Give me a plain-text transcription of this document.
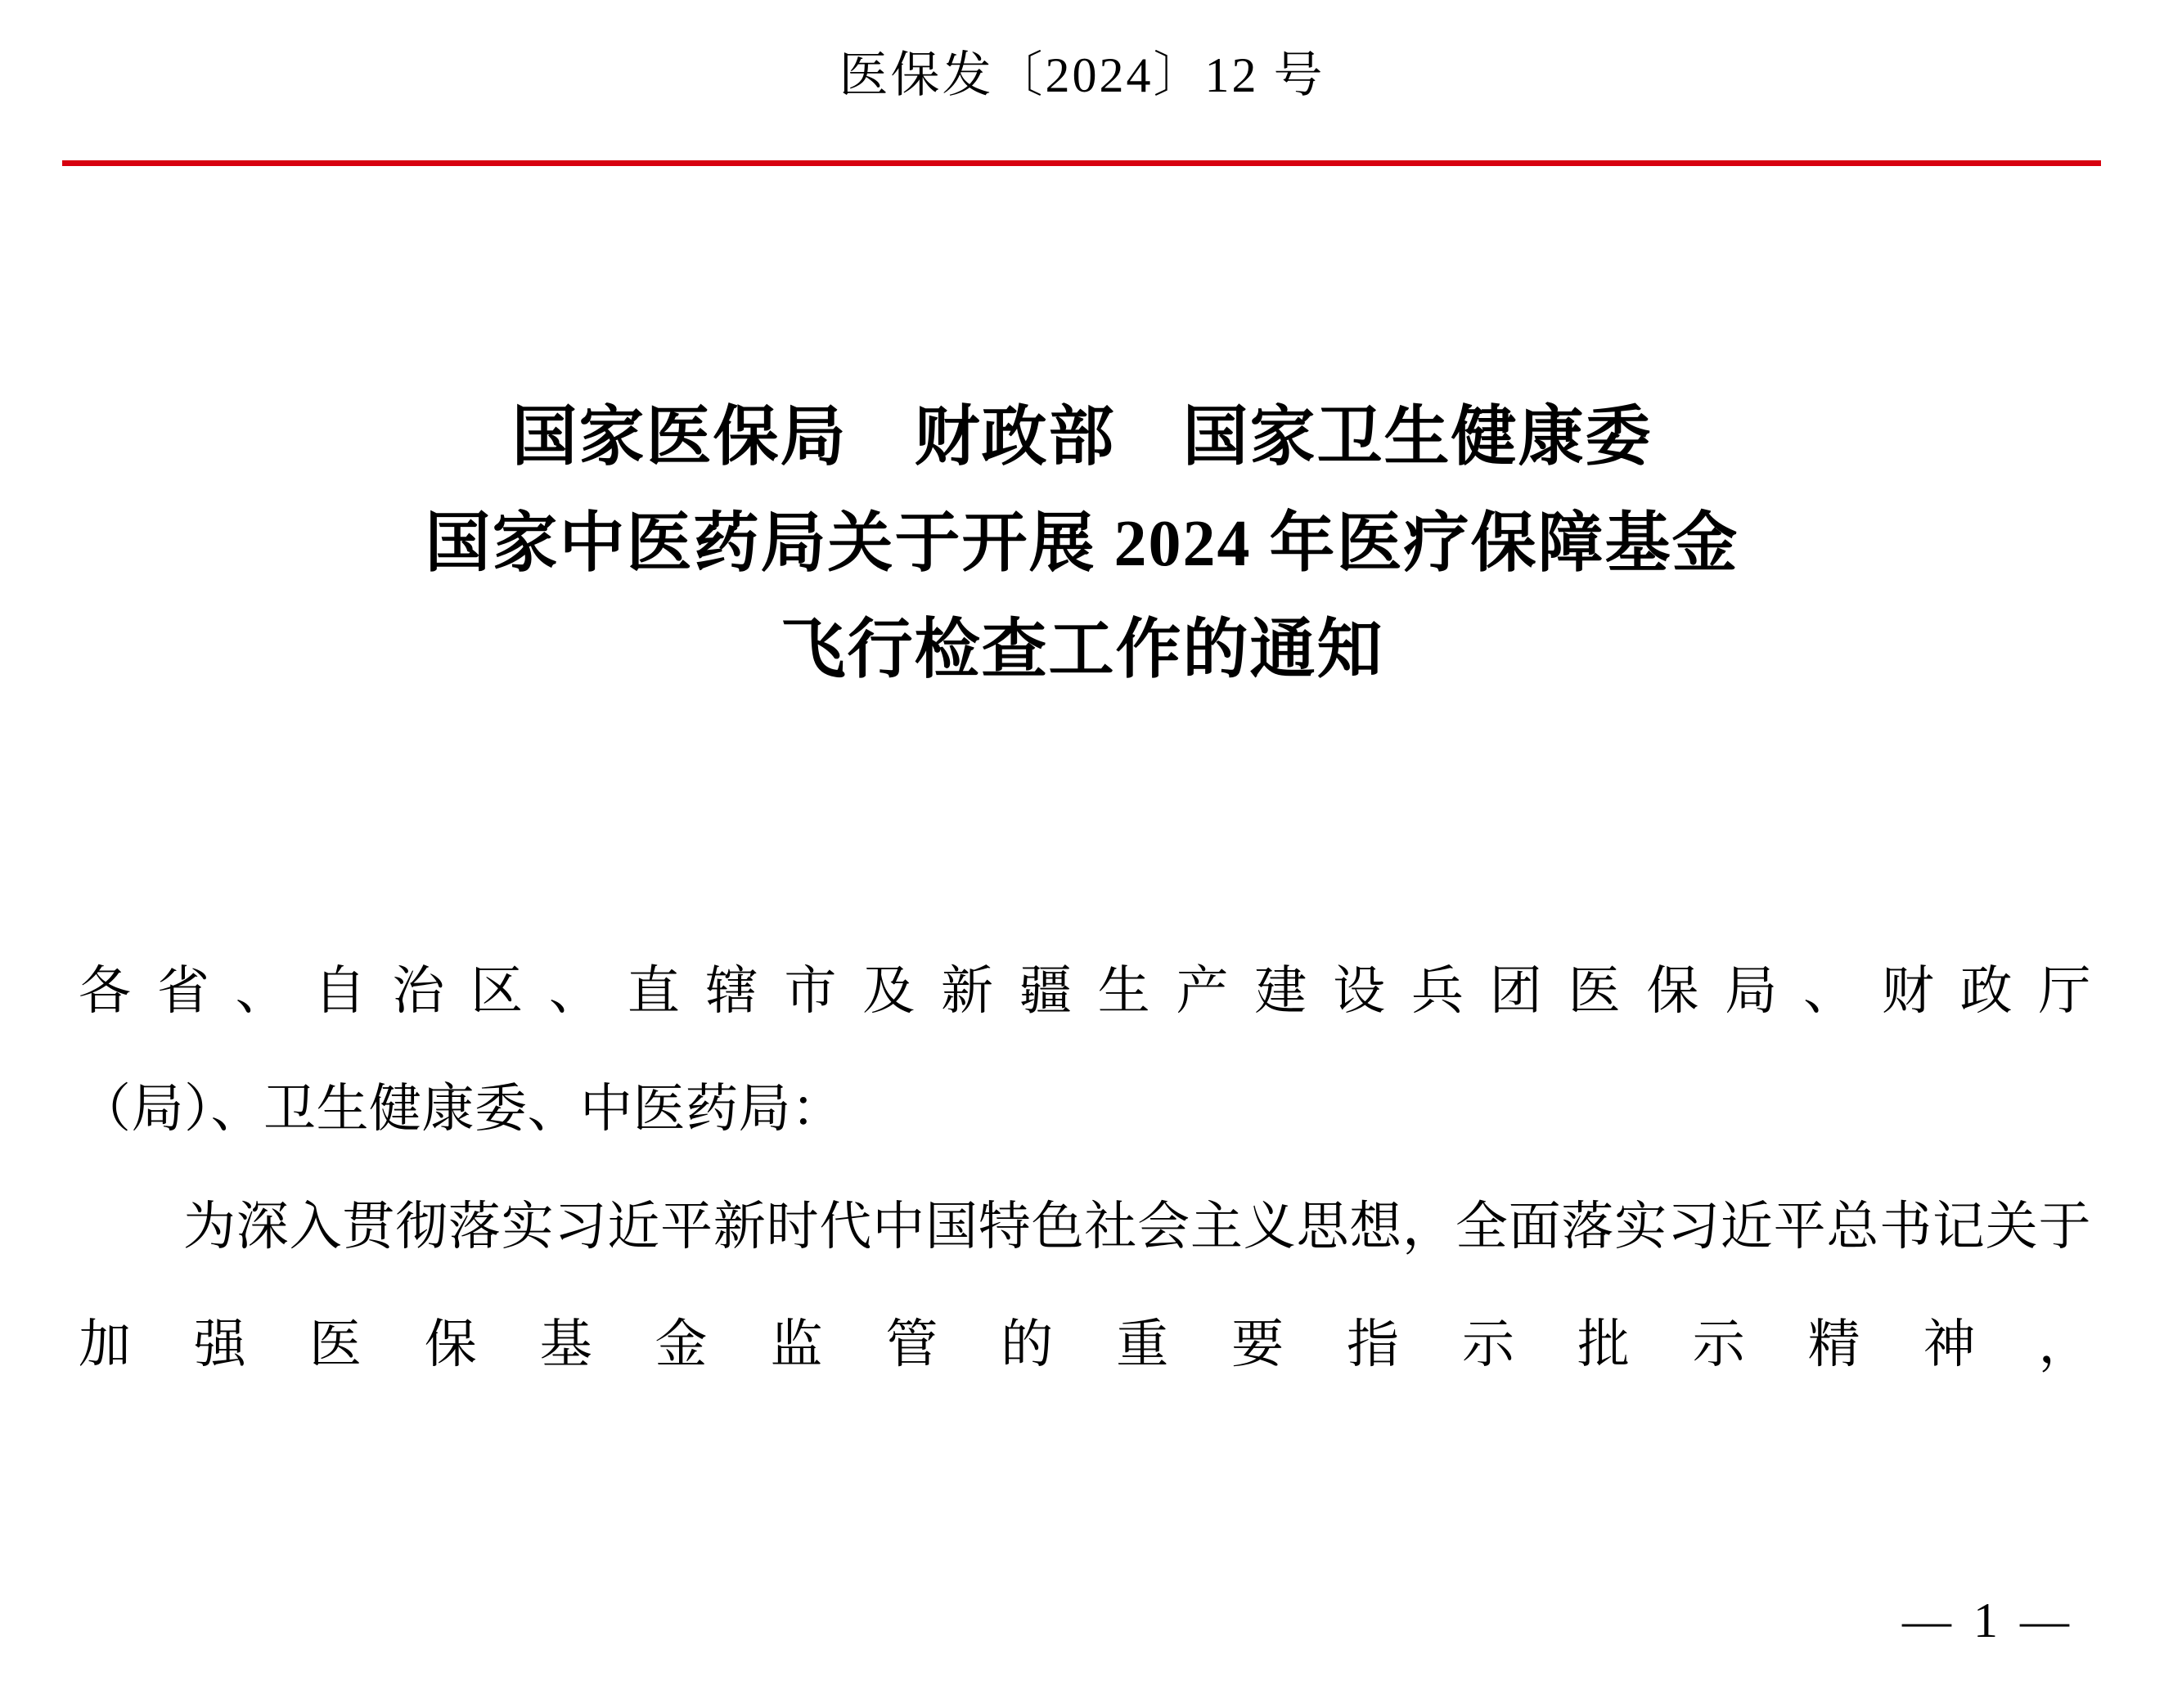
医保发〔2024〕12 号
国家医保局　财政部　国家卫生健康委
国家中医药局关于开展 2024 年医疗保障基金
飞行检查工作的通知

各省、自治区、直辖市及新疆生产建设兵团医保局、财政厅

（局）、卫生健康委、中医药局：

为深入贯彻落实习近平新时代中国特色社会主义思想，全面落实习近平总书记关于加强医保基金监管的重要指示批示精神，

— 1 —
